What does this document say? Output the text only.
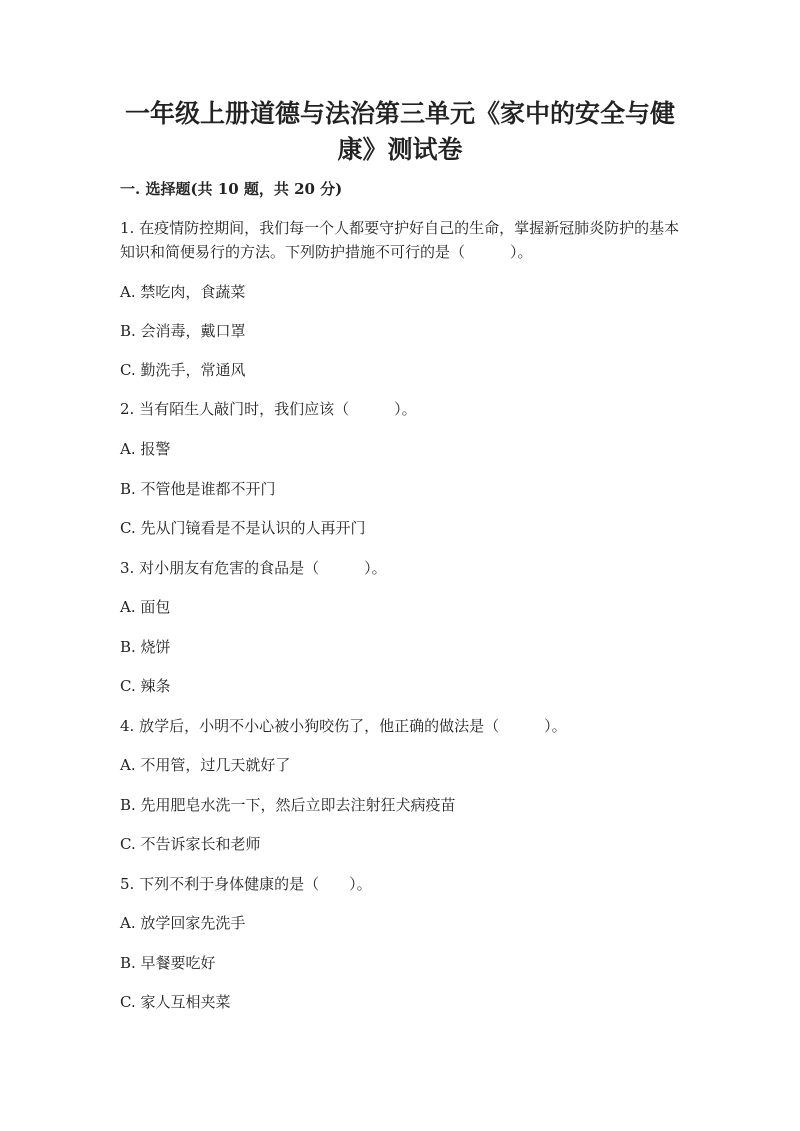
一年级上册道德与法治第三单元《家中的安全与健康》测试卷

一. 选择题(共 10 题，共 20 分)

1. 在疫情防控期间，我们每一个人都要守护好自己的生命，掌握新冠肺炎防护的基本知识和简便易行的方法。下列防护措施不可行的是（　　　）。

A. 禁吃肉，食蔬菜

B. 会消毒，戴口罩

C. 勤洗手，常通风

2. 当有陌生人敲门时，我们应该（　　　）。

A. 报警

B. 不管他是谁都不开门

C. 先从门镜看是不是认识的人再开门

3. 对小朋友有危害的食品是（　　　）。

A. 面包

B. 烧饼

C. 辣条

4. 放学后，小明不小心被小狗咬伤了，他正确的做法是（　　　）。

A. 不用管，过几天就好了

B. 先用肥皂水洗一下，然后立即去注射狂犬病疫苗

C. 不告诉家长和老师

5. 下列不利于身体健康的是（　　）。

A. 放学回家先洗手

B. 早餐要吃好

C. 家人互相夹菜
